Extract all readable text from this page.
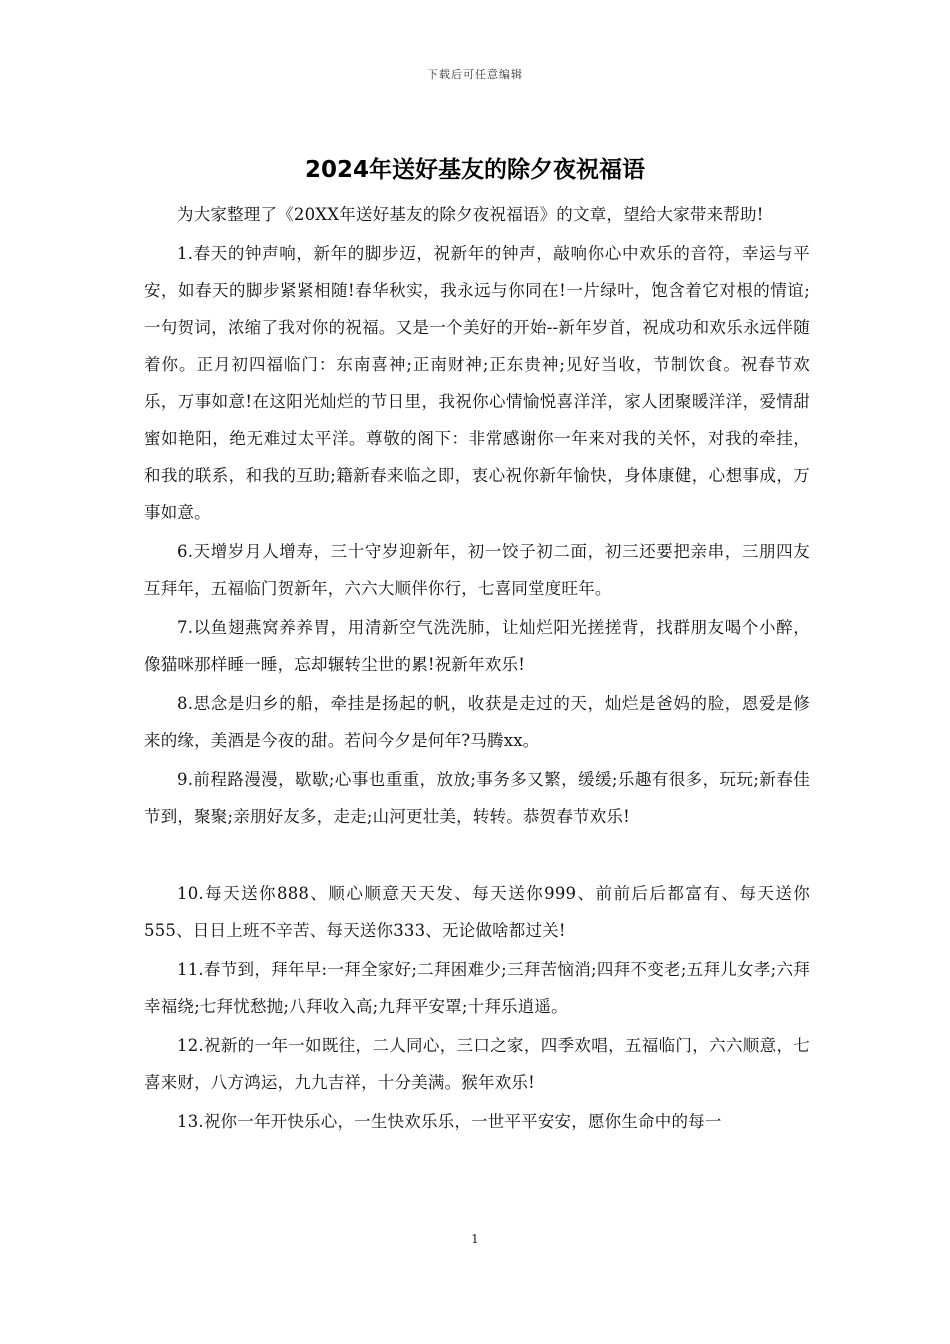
下载后可任意编辑
2024年送好基友的除夕夜祝福语

为大家整理了《20XX年送好基友的除夕夜祝福语》的文章，望给大家带来帮助!

1.春天的钟声响，新年的脚步迈，祝新年的钟声，敲响你心中欢乐的音符，幸运与平安，如春天的脚步紧紧相随!春华秋实，我永远与你同在!一片绿叶，饱含着它对根的情谊;一句贺词，浓缩了我对你的祝福。又是一个美好的开始--新年岁首，祝成功和欢乐永远伴随着你。正月初四福临门：东南喜神;正南财神;正东贵神;见好当收，节制饮食。祝春节欢乐，万事如意!在这阳光灿烂的节日里，我祝你心情愉悦喜洋洋，家人团聚暖洋洋，爱情甜蜜如艳阳，绝无难过太平洋。尊敬的阁下：非常感谢你一年来对我的关怀，对我的牵挂，和我的联系，和我的互助;籍新春来临之即，衷心祝你新年愉快，身体康健，心想事成，万事如意。

6.天增岁月人增寿，三十守岁迎新年，初一饺子初二面，初三还要把亲串，三朋四友互拜年，五福临门贺新年，六六大顺伴你行，七喜同堂度旺年。

7.以鱼翅燕窝养养胃，用清新空气洗洗肺，让灿烂阳光搓搓背，找群朋友喝个小醉，像猫咪那样睡一睡，忘却辗转尘世的累!祝新年欢乐!

8.思念是归乡的船，牵挂是扬起的帆，收获是走过的天，灿烂是爸妈的脸，恩爱是修来的缘，美酒是今夜的甜。若问今夕是何年?马腾xx。

9.前程路漫漫，歇歇;心事也重重，放放;事务多又繁，缓缓;乐趣有很多，玩玩;新春佳节到，聚聚;亲朋好友多，走走;山河更壮美，转转。恭贺春节欢乐!

10.每天送你888、顺心顺意天天发、每天送你999、前前后后都富有、每天送你555、日日上班不辛苦、每天送你333、无论做啥都过关!

11.春节到，拜年早:一拜全家好;二拜困难少;三拜苦恼消;四拜不变老;五拜儿女孝;六拜幸福绕;七拜忧愁抛;八拜收入高;九拜平安罩;十拜乐逍遥。

12.祝新的一年一如既往，二人同心，三口之家，四季欢唱，五福临门，六六顺意，七喜来财，八方鸿运，九九吉祥，十分美满。猴年欢乐!

13.祝你一年开快乐心，一生快欢乐乐，一世平平安安，愿你生命中的每一

1
